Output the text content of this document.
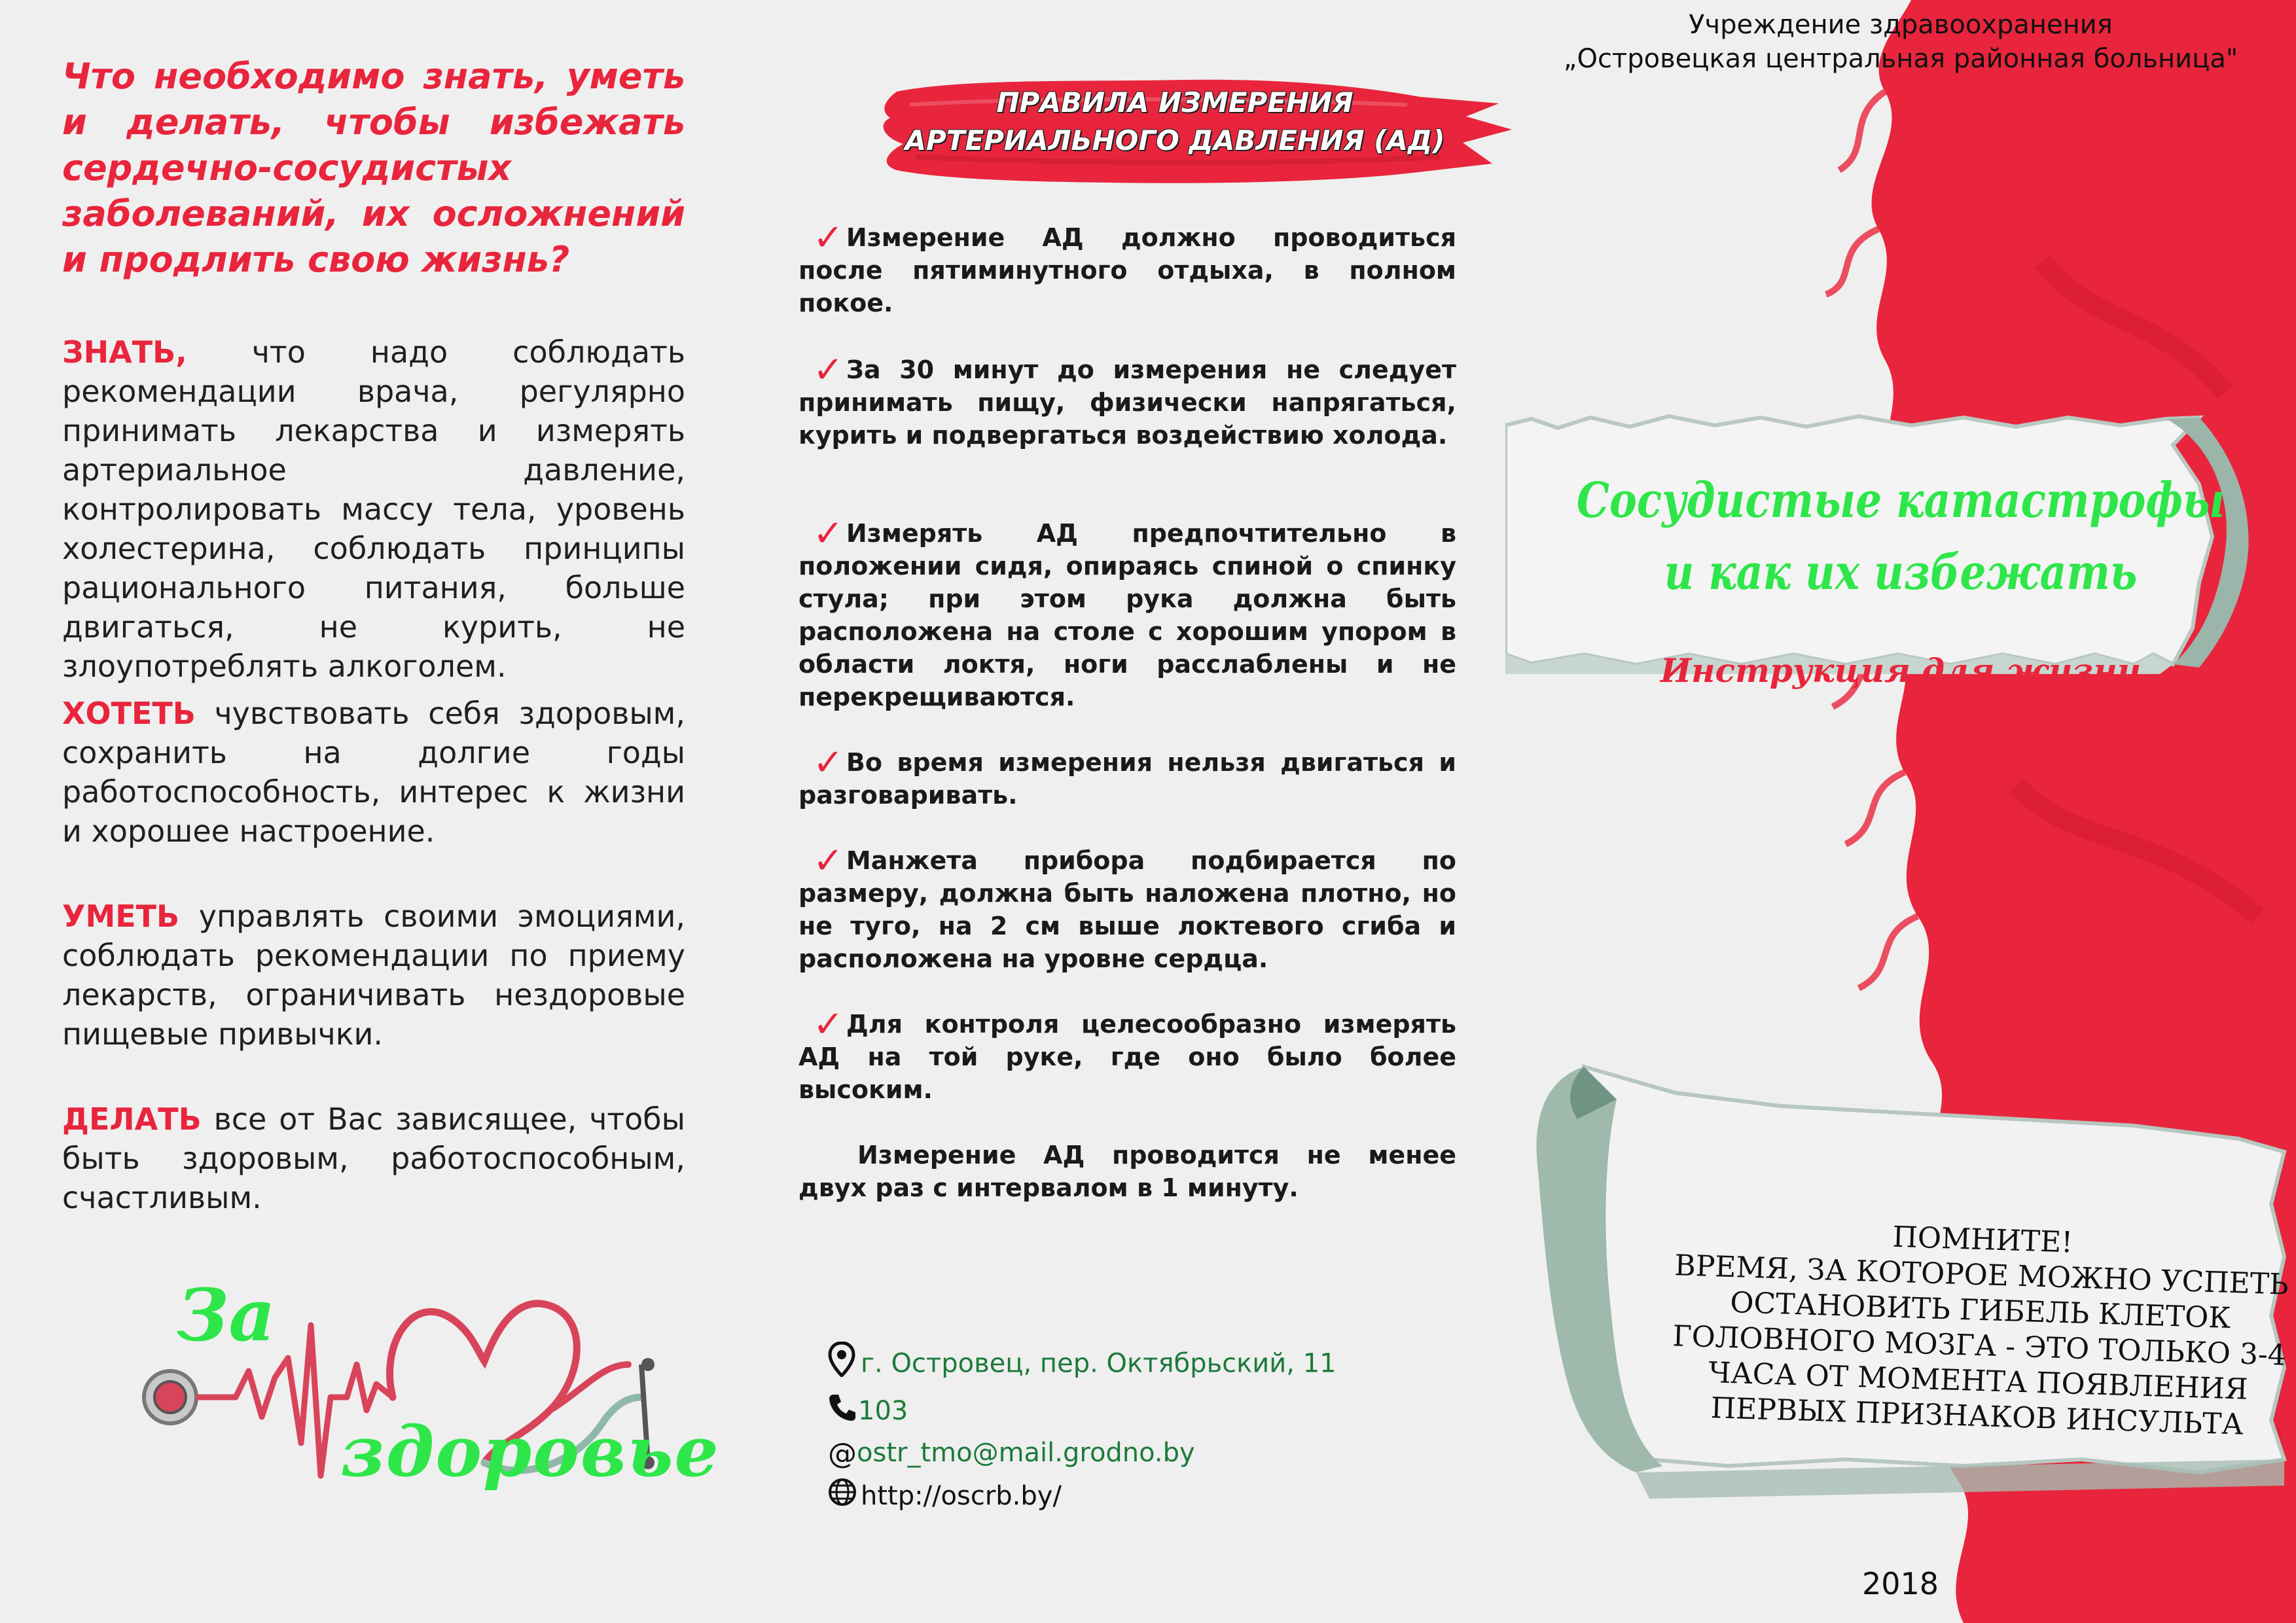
Что необходимо знать, уметь и делать, чтобы избежать сердечно-сосудистых заболеваний, их осложнений и продлить свою жизнь?

ЗНАТЬ, что надо соблюдать рекомендации врача, регулярно принимать лекарства и измерять артериальное давление, контролировать массу тела, уровень холестерина, соблюдать принципы рационального питания, больше двигаться, не курить, не злоупотреблять алкоголем.

ХОТЕТЬ чувствовать себя здоровым, сохранить на долгие годы работоспособность, интерес к жизни и хорошее настроение.

УМЕТЬ управлять своими эмоциями, соблюдать рекомендации по приему лекарств, ограничивать нездоровые пищевые привычки.

ДЕЛАТЬ все от Вас зависящее, чтобы быть здоровым, работоспособным, счастливым.

За
здоровье
ПРАВИЛА ИЗМЕРЕНИЯ
АРТЕРИАЛЬНОГО ДАВЛЕНИЯ (АД)

✓ Измерение АД должно проводиться после пятиминутного отдыха, в полном покое.

✓ За 30 минут до измерения не следует принимать пищу, физически напрягаться, курить и подвергаться воздействию холода.

✓ Измерять АД предпочтительно в положении сидя, опираясь спиной о спинку стула; при этом рука должна быть расположена на столе с хорошим упором в области локтя, ноги расслаблены и не перекрещиваются.

✓ Во время измерения нельзя двигаться и разговаривать.

✓ Манжета прибора подбирается по размеру, должна быть наложена плотно, но не туго, на 2 см выше локтевого сгиба и расположена на уровне сердца.

✓ Для контроля целесообразно измерять АД на той руке, где оно было более высоким.

Измерение АД проводится не менее двух раз с интервалом в 1 минуту.

г. Островец, пер. Октябрьский, 11
103
@ostr_tmo@mail.grodno.by
http://oscrb.by/
Учреждение здравоохранения
„Островецкая центральная районная больница"
Сосудистые катастрофы
и как их избежать
Инструкция для жизни
ПОМНИТЕ!
ВРЕМЯ, ЗА КОТОРОЕ МОЖНО УСПЕТЬ ОСТАНОВИТЬ ГИБЕЛЬ КЛЕТОК ГОЛОВНОГО МОЗГА - ЭТО ТОЛЬКО 3-4 ЧАСА ОТ МОМЕНТА ПОЯВЛЕНИЯ ПЕРВЫХ ПРИЗНАКОВ ИНСУЛЬТА
2018
